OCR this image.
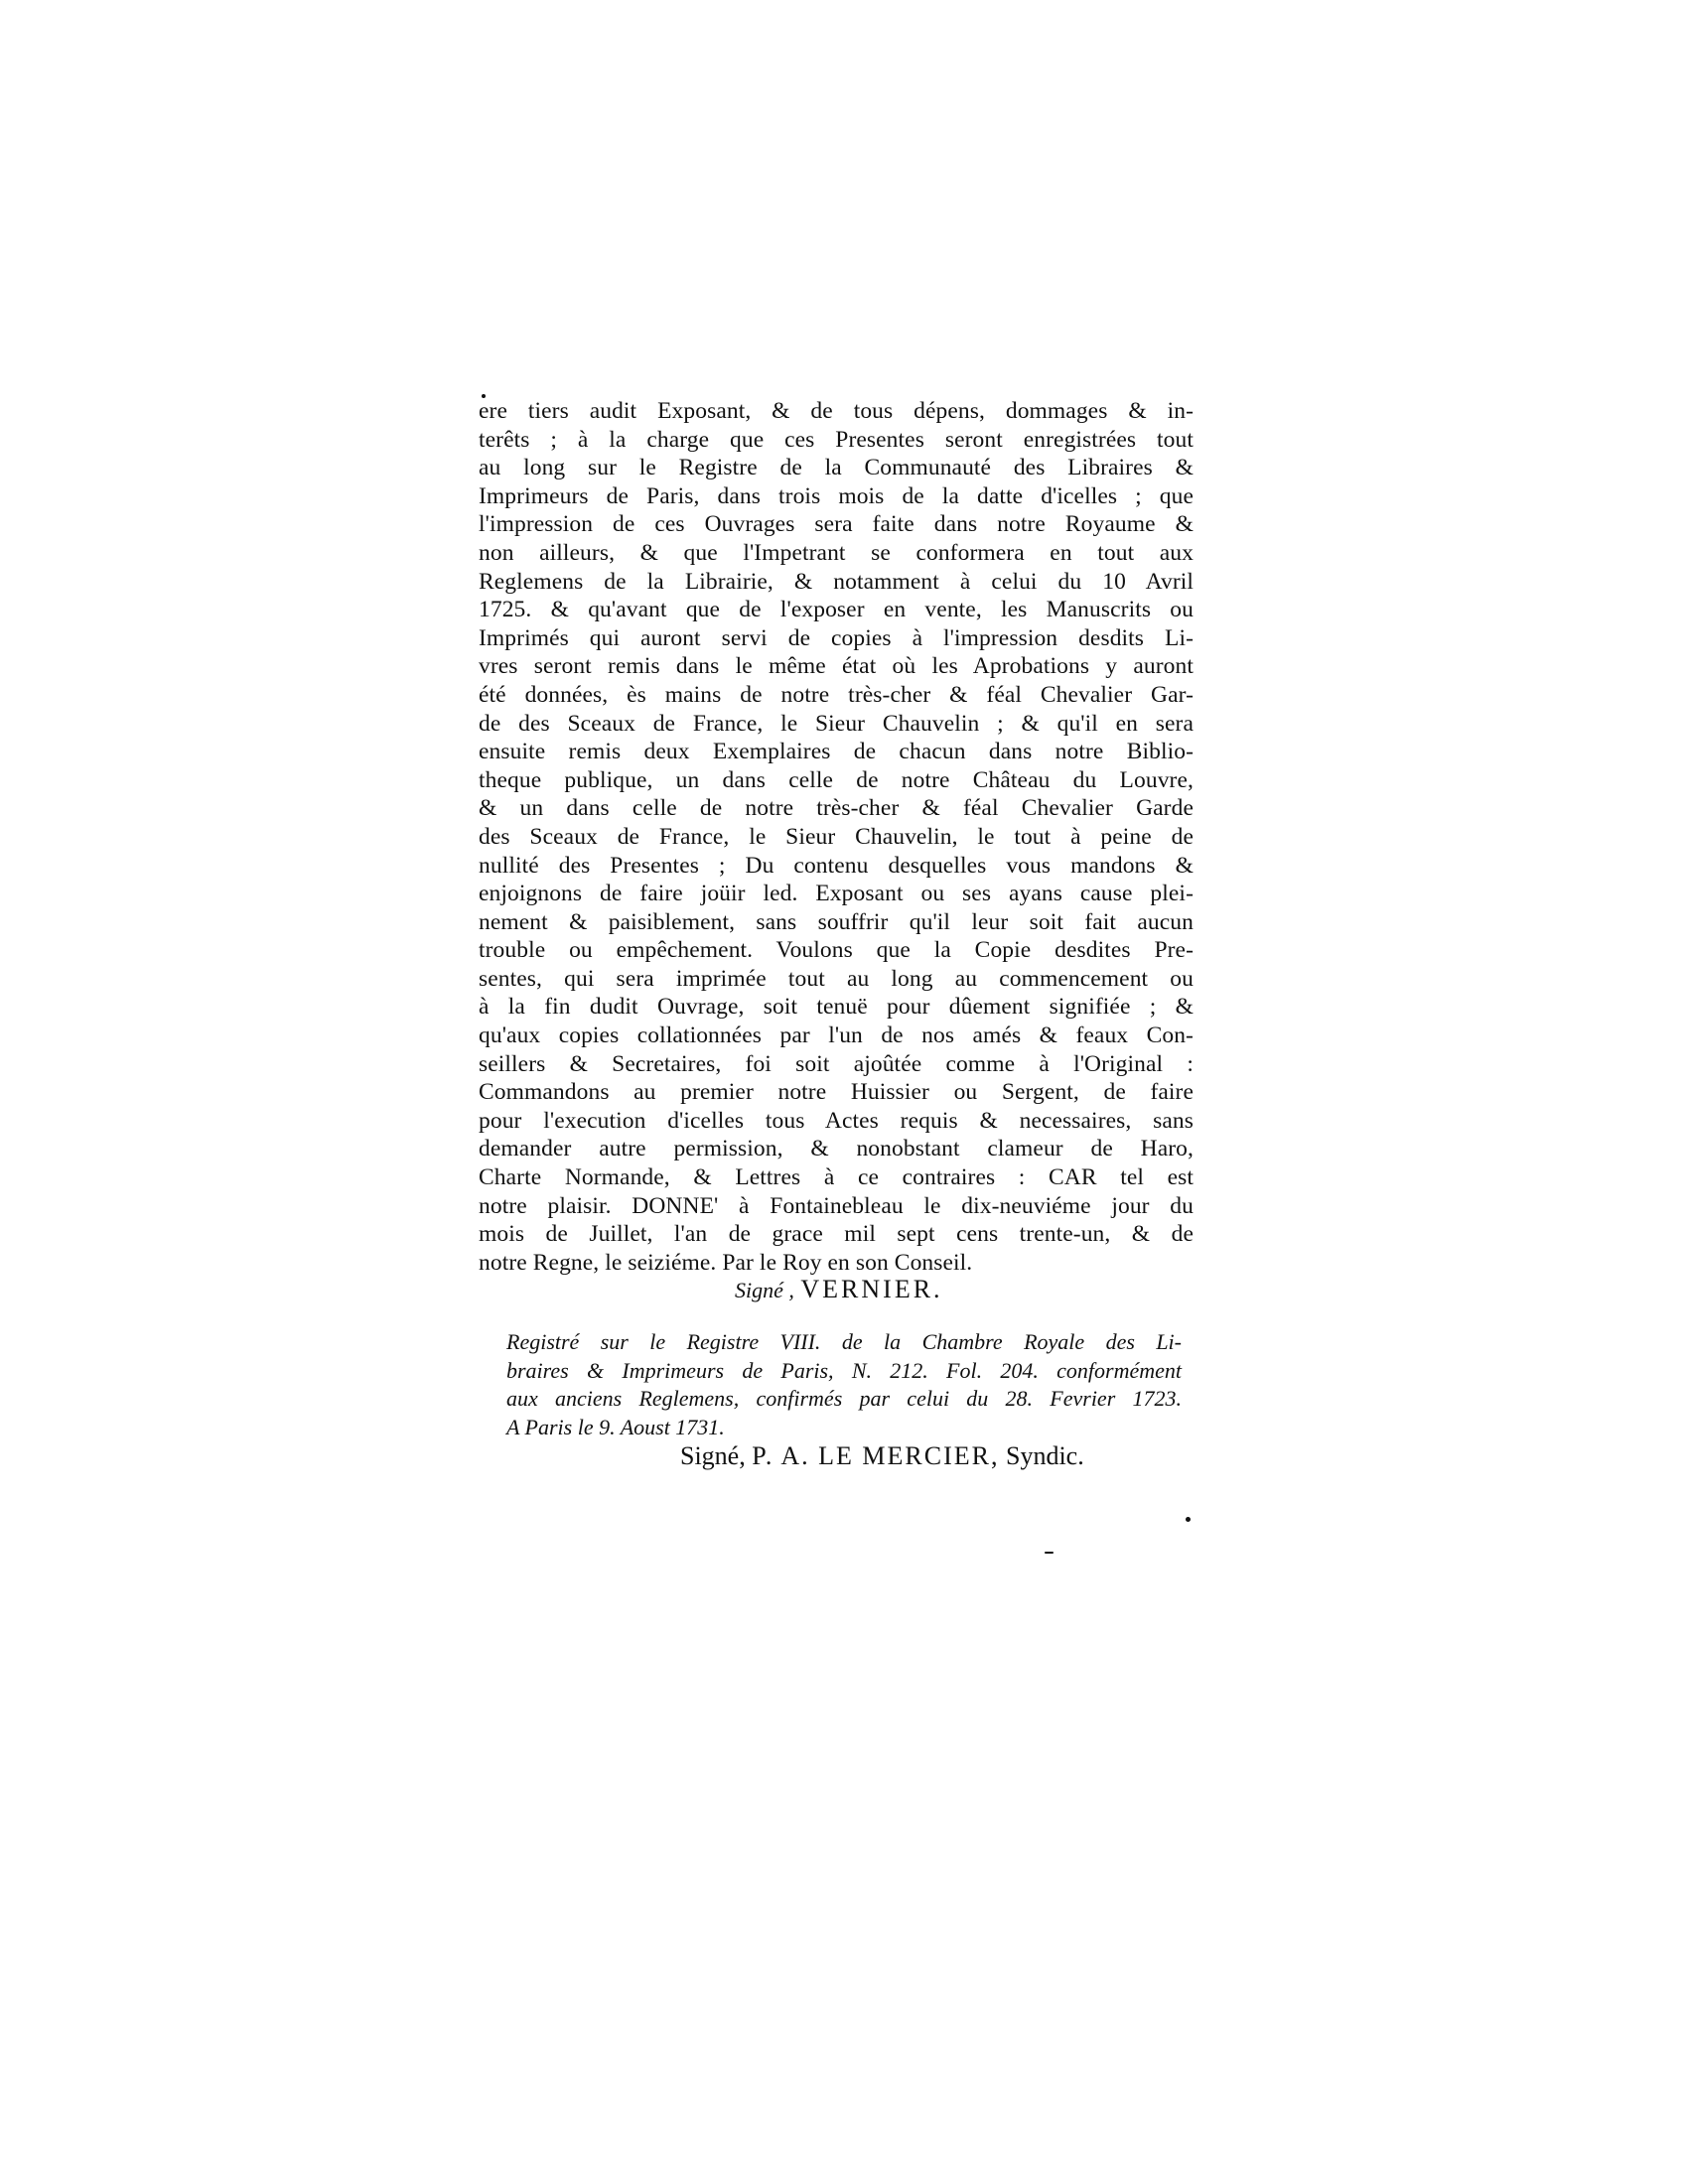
ere tiers audit Exposant, & de tous dépens, dommages & in-
terêts ; à la charge que ces Presentes seront enregistrées tout
au long sur le Registre de la Communauté des Libraires &
Imprimeurs de Paris, dans trois mois de la datte d'icelles ; que
l'impression de ces Ouvrages sera faite dans notre Royaume &
non ailleurs, & que l'Impetrant se conformera en tout aux
Reglemens de la Librairie, & notamment à celui du 10 Avril
1725. & qu'avant que de l'exposer en vente, les Manuscrits ou
Imprimés qui auront servi de copies à l'impression desdits Li-
vres seront remis dans le même état où les Aprobations y auront
été données, ès mains de notre très-cher & féal Chevalier Gar-
de des Sceaux de France, le Sieur Chauvelin ; & qu'il en sera
ensuite remis deux Exemplaires de chacun dans notre Biblio-
theque publique, un dans celle de notre Château du Louvre,
& un dans celle de notre très-cher & féal Chevalier Garde
des Sceaux de France, le Sieur Chauvelin, le tout à peine de
nullité des Presentes ; Du contenu desquelles vous mandons &
enjoignons de faire joüir led. Exposant ou ses ayans cause plei-
nement & paisiblement, sans souffrir qu'il leur soit fait aucun
trouble ou empêchement. Voulons que la Copie desdites Pre-
sentes, qui sera imprimée tout au long au commencement ou
à la fin dudit Ouvrage, soit tenuë pour dûement signifiée ; &
qu'aux copies collationnées par l'un de nos amés & feaux Con-
seillers & Secretaires, foi soit ajoûtée comme à l'Original :
Commandons au premier notre Huissier ou Sergent, de faire
pour l'execution d'icelles tous Actes requis & necessaires, sans
demander autre permission, & nonobstant clameur de Haro,
Charte Normande, & Lettres à ce contraires : CAR tel est
notre plaisir. DONNE' à Fontainebleau le dix-neuviéme jour du
mois de Juillet, l'an de grace mil sept cens trente-un, & de
notre Regne, le seiziéme. Par le Roy en son Conseil.
Signé , VERNIER.
Registré sur le Registre VIII. de la Chambre Royale des Li-
braires & Imprimeurs de Paris, N. 212. Fol. 204. conformément
aux anciens Reglemens, confirmés par celui du 28. Fevrier 1723.
A Paris le 9. Aoust 1731.
Signé, P. A. LE MERCIER, Syndic.
